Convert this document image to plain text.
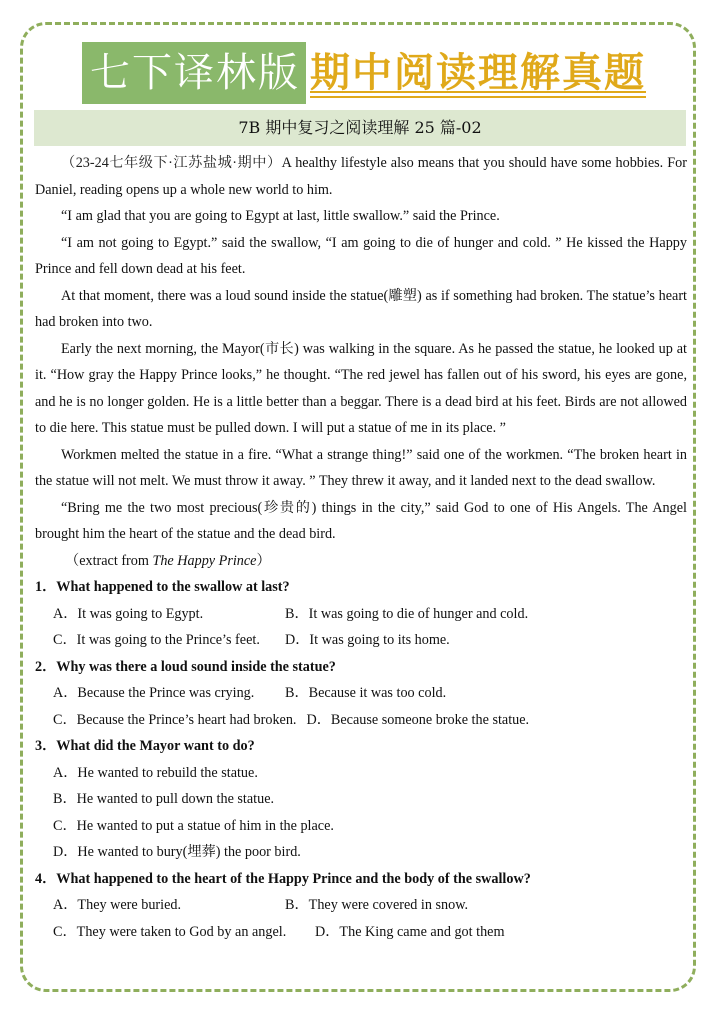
七下译林版 期中阅读理解真题
7B 期中复习之阅读理解 25 篇-02

（23-24七年级下·江苏盐城·期中）A healthy lifestyle also means that you should have some hobbies. For Daniel, reading opens up a whole new world to him.

“I am glad that you are going to Egypt at last, little swallow.” said the Prince.

“I am not going to Egypt.” said the swallow, “I am going to die of hunger and cold. ” He kissed the Happy Prince and fell down dead at his feet.

At that moment, there was a loud sound inside the statue(雕塑) as if something had broken. The statue’s heart had broken into two.

Early the next morning, the Mayor(市长) was walking in the square. As he passed the statue, he looked up at it. “How gray the Happy Prince looks,” he thought. “The red jewel has fallen out of his sword, his eyes are gone, and he is no longer golden. He is a little better than a beggar. There is a dead bird at his feet. Birds are not allowed to die here. This statue must be pulled down. I will put a statue of me in its place. ”

Workmen melted the statue in a fire. “What a strange thing!” said one of the workmen. “The broken heart in the statue will not melt. We must throw it away. ” They threw it away, and it landed next to the dead swallow.

“Bring me the two most precious(珍贵的) things in the city,” said God to one of His Angels. The Angel brought him the heart of the statue and the dead bird.

（extract from The Happy Prince）

1．What happened to the swallow at last?

A．It was going to Egypt.	B．It was going to die of hunger and cold.
C．It was going to the Prince’s feet.	D．It was going to its home.

2．Why was there a loud sound inside the statue?

A．Because the Prince was crying.	B．Because it was too cold.
C．Because the Prince’s heart had broken. D．Because someone broke the statue.

3．What did the Mayor want to do?

A．He wanted to rebuild the statue.
B．He wanted to pull down the statue.
C．He wanted to put a statue of him in the place.
D．He wanted to bury(埋葬) the poor bird.

4．What happened to the heart of the Happy Prince and the body of the swallow?

A．They were buried.	B．They were covered in snow.
C．They were taken to God by an angel.	D．The King came and got them
